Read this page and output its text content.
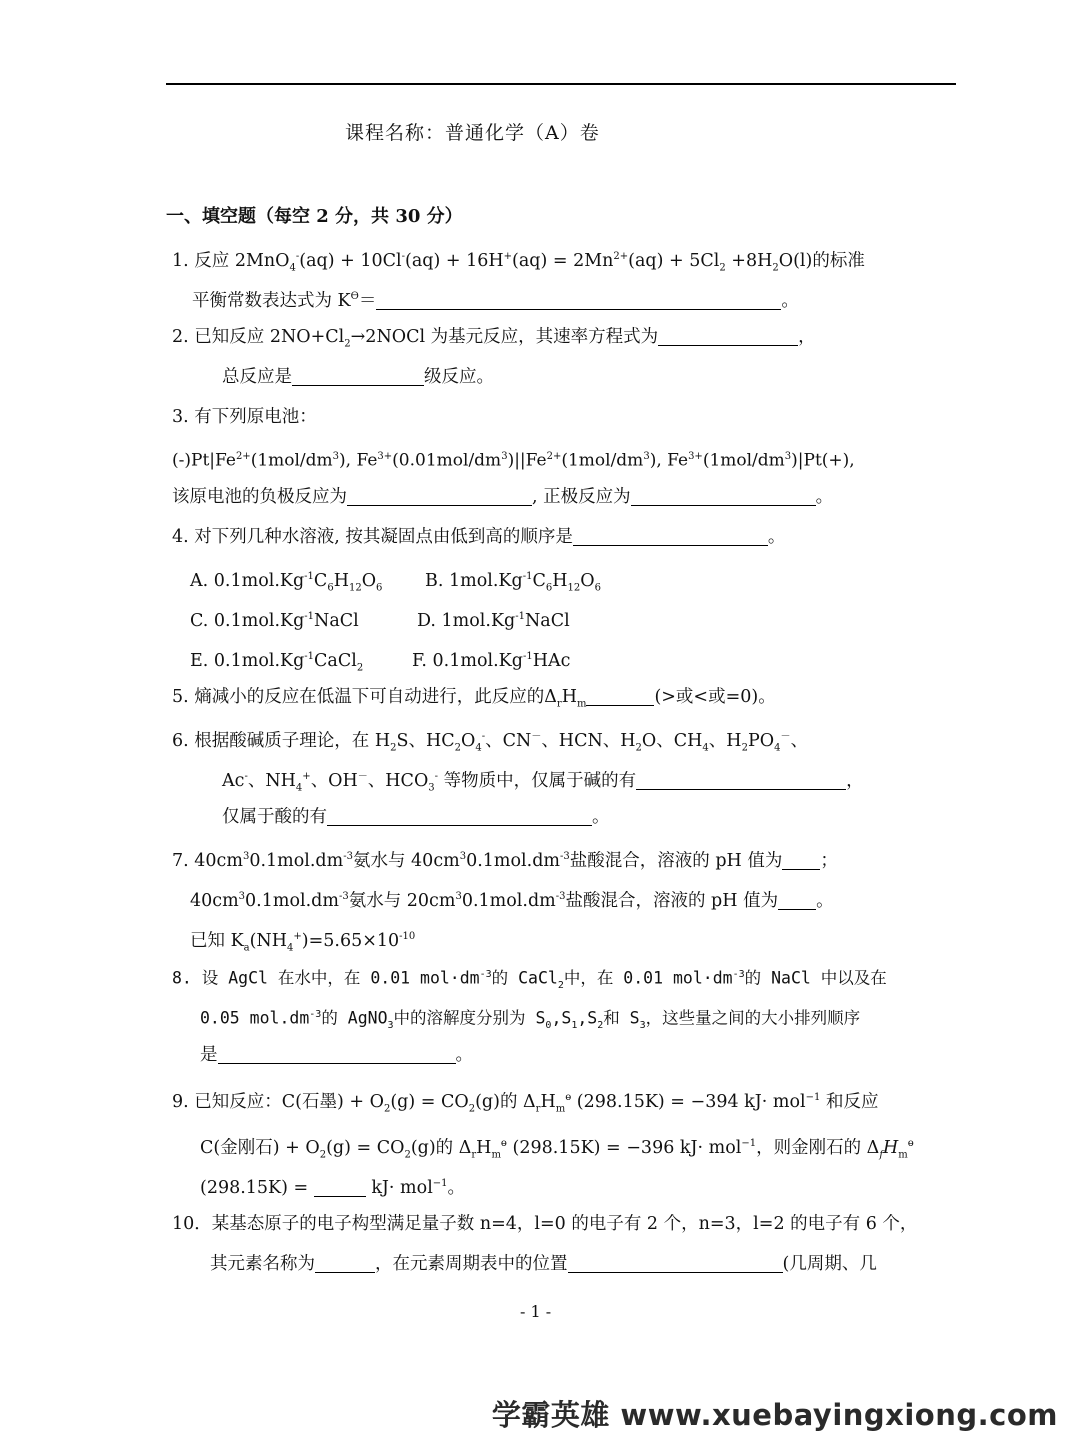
课程名称：普通化学（A）卷
一、填空题（每空 2 分，共 30 分）
1. 反应 $2MnO_4^-(aq) + 10Cl^-(aq) + 16H^+(aq) = 2Mn^{2+}(aq) + 5Cl_2 +8H_2O(l)$的标准
平衡常数表达式为 $K^ϴ=$	。
2. 已知反应 $2NO+Cl_2\to 2NOCl$ 为基元反应，其速率方程式为	，
总反应是	级反应。
3. 有下列原电池：
$(-)Pt|Fe^{2+}(1mol/dm^3)$, $Fe^{3+}(0.01mol/dm^3)||Fe^{2+}(1mol/dm^3)$, $Fe^{3+}(1mol/dm^3)|Pt(+)$,
该原电池的负极反应为	, 正极反应为	。
4. 对下列几种水溶液, 按其凝固点由低到高的顺序是	。
A. $0.1mol.Kg^{-1}C_6H_{12}O_6$ B. $1mol.Kg^{-1}C_6H_{12}O_6$
C. $0.1mol.Kg^{-1}NaCl$	D. $1mol.Kg^{-1}NaCl$
E. $0.1mol.Kg^{-1}CaCl_2$	F. $0.1mol.Kg^{-1}HAc$
5. 熵减小的反应在低温下可自动进行，此反应的$\Delta_rH_m$	(>或<或=0)。
6. 根据酸碱质子理论，在 $H_2S$、$HC_2O_4^-$、CN－、HCN、$H_2O$、$CH_4$、$H_2PO_4^-$、
Ac-、$NH_4^+$、OH－、$HCO_3^-$ 等物质中，仅属于碱的有	，
仅属于酸的有	。
7. $40cm^30.1mol.dm^{-3}$氨水与 $40cm^30.1mol.dm^{-3}$盐酸混合，溶液的 pH 值为 ；
$40cm^30.1mol.dm^{-3}$氨水与 $20cm^30.1mol.dm^{-3}$盐酸混合，溶液的 pH 值为 。
已知 $K_a(NH_4^+)=5.65\times 10^{-10}$
8. 设 AgCl 在水中，在 0.01 $mol\cdot dm^{-3}$的 CaCl$_2$中，在 0.01 $mol\cdot dm^{-3}$的 NaCl 中以及在
0.05 $mol.dm^{-3}$的 AgNO$_3$中的溶解度分别为 $S_0,S_1,S_2$和 $S_3$，这些量之间的大小排列顺序
是	。
9. 已知反应：C(石墨) + $O_2(g) = CO_2(g)$的 $\Delta_rH_m^ө$ (298.15K) = −394 kJ· mol$^{-1}$ 和反应
C(金刚石) + $O_2(g) = CO_2(g)$的 $\Delta_rH_m^ө$ (298.15K) = −396 kJ· mol$^{-1}$，则金刚石的 $\Delta_fH_m^ө$
(298.15K) =	kJ· mol$^{-1}$。
10．某基态原子的电子构型满足量子数 n=4，l=0 的电子有 2 个，n=3，l=2 的电子有 6 个，
其元素名称为	，在元素周期表中的位置	(几周期、几
- 1 -
学霸英雄 www.xuebayingxiong.com
